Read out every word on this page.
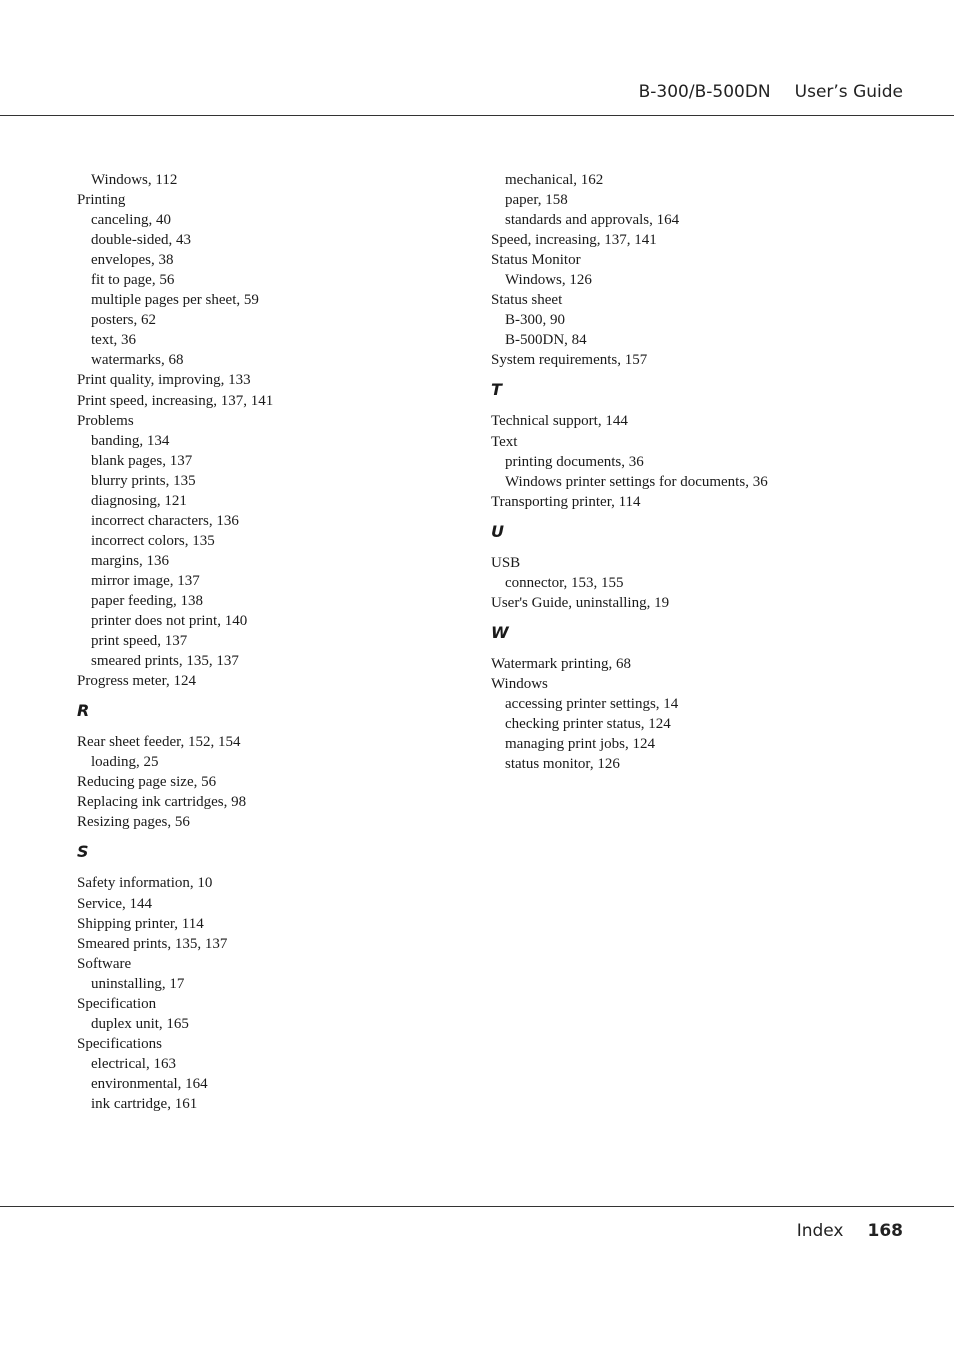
B-300/B-500DN User’s Guide
Windows, 112
Printing
canceling, 40
double-sided, 43
envelopes, 38
fit to page, 56
multiple pages per sheet, 59
posters, 62
text, 36
watermarks, 68
Print quality, improving, 133
Print speed, increasing, 137, 141
Problems
banding, 134
blank pages, 137
blurry prints, 135
diagnosing, 121
incorrect characters, 136
incorrect colors, 135
margins, 136
mirror image, 137
paper feeding, 138
printer does not print, 140
print speed, 137
smeared prints, 135, 137
Progress meter, 124
R
Rear sheet feeder, 152, 154
loading, 25
Reducing page size, 56
Replacing ink cartridges, 98
Resizing pages, 56
S
Safety information, 10
Service, 144
Shipping printer, 114
Smeared prints, 135, 137
Software
uninstalling, 17
Specification
duplex unit, 165
Specifications
electrical, 163
environmental, 164
ink cartridge, 161
mechanical, 162
paper, 158
standards and approvals, 164
Speed, increasing, 137, 141
Status Monitor
Windows, 126
Status sheet
B-300, 90
B-500DN, 84
System requirements, 157
T
Technical support, 144
Text
printing documents, 36
Windows printer settings for documents, 36
Transporting printer, 114
U
USB
connector, 153, 155
User's Guide, uninstalling, 19
W
Watermark printing, 68
Windows
accessing printer settings, 14
checking printer status, 124
managing print jobs, 124
status monitor, 126
Index 168
